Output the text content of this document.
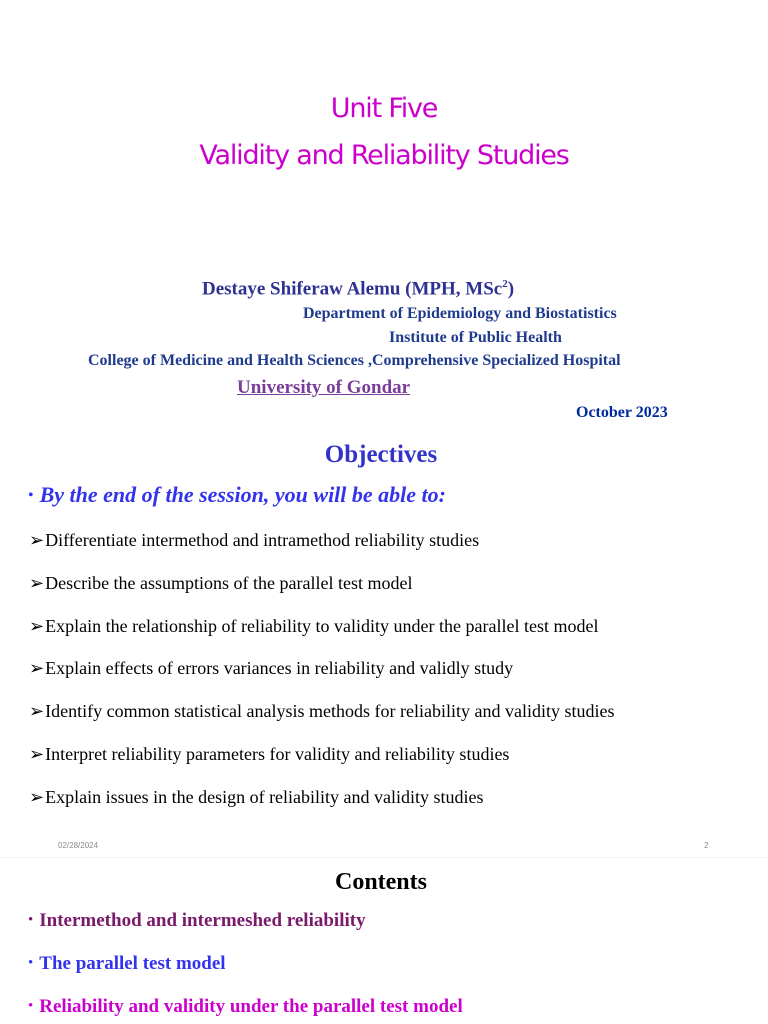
Unit Five
Validity and Reliability Studies
Destaye Shiferaw Alemu (MPH, MSc$^2$)
Department of Epidemiology and Biostatistics
Institute of Public Health
College of Medicine and Health Sciences ,Comprehensive Specialized Hospital
University of Gondar
October 2023
Objectives
• By the end of the session, you will be able to:
➢Differentiate intermethod and intramethod reliability studies
➢Describe the assumptions of the parallel test model
➢Explain the relationship of reliability to validity under the parallel test model
➢Explain effects of errors variances in reliability and validly study
➢Identify common statistical analysis methods for reliability and validity studies
➢Interpret reliability parameters for validity and reliability studies
➢Explain issues in the design of reliability and validity studies
02/28/2024	2
Contents
• Intermethod and intermeshed reliability
• The parallel test model
• Reliability and validity under the parallel test model
